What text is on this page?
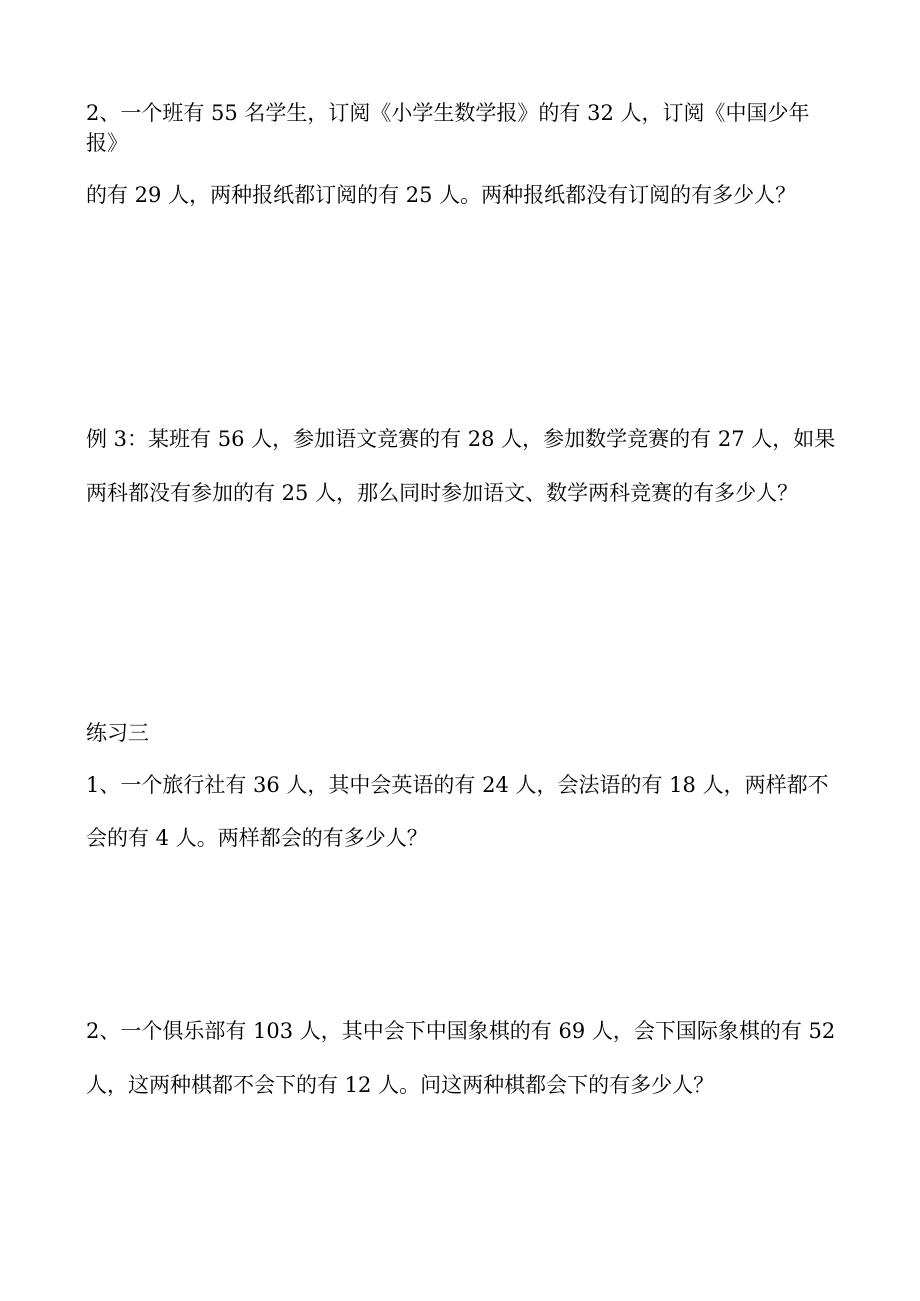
2、一个班有 55 名学生，订阅《小学生数学报》的有 32 人，订阅《中国少年

报》

的有 29 人，两种报纸都订阅的有 25 人。两种报纸都没有订阅的有多少人？

例 3：某班有 56 人，参加语文竞赛的有 28 人，参加数学竞赛的有 27 人，如果

两科都没有参加的有 25 人，那么同时参加语文、数学两科竞赛的有多少人？

练习三

1、一个旅行社有 36 人，其中会英语的有 24 人，会法语的有 18 人，两样都不

会的有 4 人。两样都会的有多少人？

2、一个俱乐部有 103 人，其中会下中国象棋的有 69 人，会下国际象棋的有 52

人，这两种棋都不会下的有 12 人。问这两种棋都会下的有多少人？
